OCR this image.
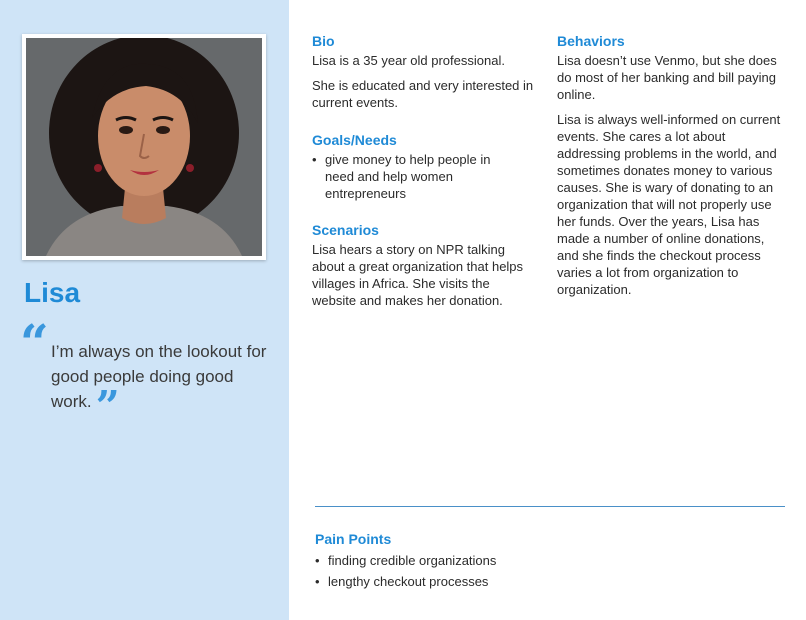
Lisa
“ I’m always on the lookout for good people doing good work.”
Bio

Lisa is a 35 year old professional.

She is educated and very interested in current events.

Goals/Needs
• give money to help people in need and help women entrepreneurs
Scenarios

Lisa hears a story on NPR talking about a great organization that helps villages in Africa. She visits the website and makes her donation.

Behaviors

Lisa doesn’t use Venmo, but she does do most of her banking and bill paying online.

Lisa is always well-informed on current events. She cares a lot about addressing problems in the world, and sometimes donates money to various causes. She is wary of donating to an organization that will not properly use her funds. Over the years, Lisa has made a number of online donations, and she finds the checkout process varies a lot from organization to organization.

Pain Points
• finding credible organizations
• lengthy checkout processes
